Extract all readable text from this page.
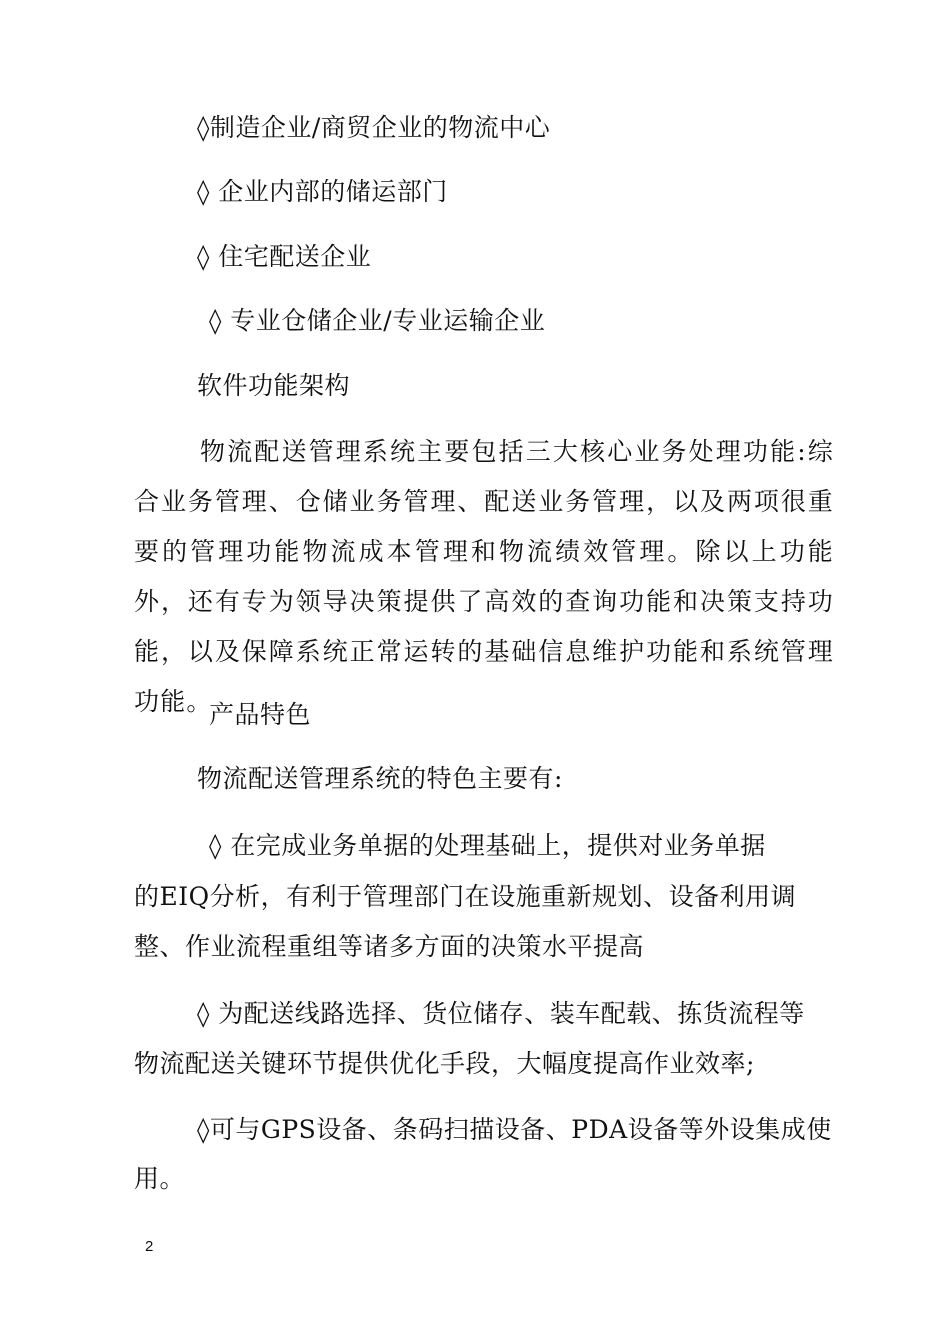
◊制造企业/商贸企业的物流中心
◊ 企业内部的储运部门
◊ 住宅配送企业
◊ 专业仓储企业/专业运输企业
软件功能架构
物流配送管理系统主要包括三大核心业务处理功能:综合业务管理、仓储业务管理、配送业务管理，以及两项很重要的管理功能物流成本管理和物流绩效管理。除以上功能外，还有专为领导决策提供了高效的查询功能和决策支持功能，以及保障系统正常运转的基础信息维护功能和系统管理功能。
产品特色
物流配送管理系统的特色主要有:
◊ 在完成业务单据的处理基础上，提供对业务单据
的EIQ分析，有利于管理部门在设施重新规划、设备利用调
整、作业流程重组等诸多方面的决策水平提高
◊ 为配送线路选择、货位储存、装车配载、拣货流程等
物流配送关键环节提供优化手段，大幅度提高作业效率;
◊可与GPS设备、条码扫描设备、PDA设备等外设集成使
用。
2
